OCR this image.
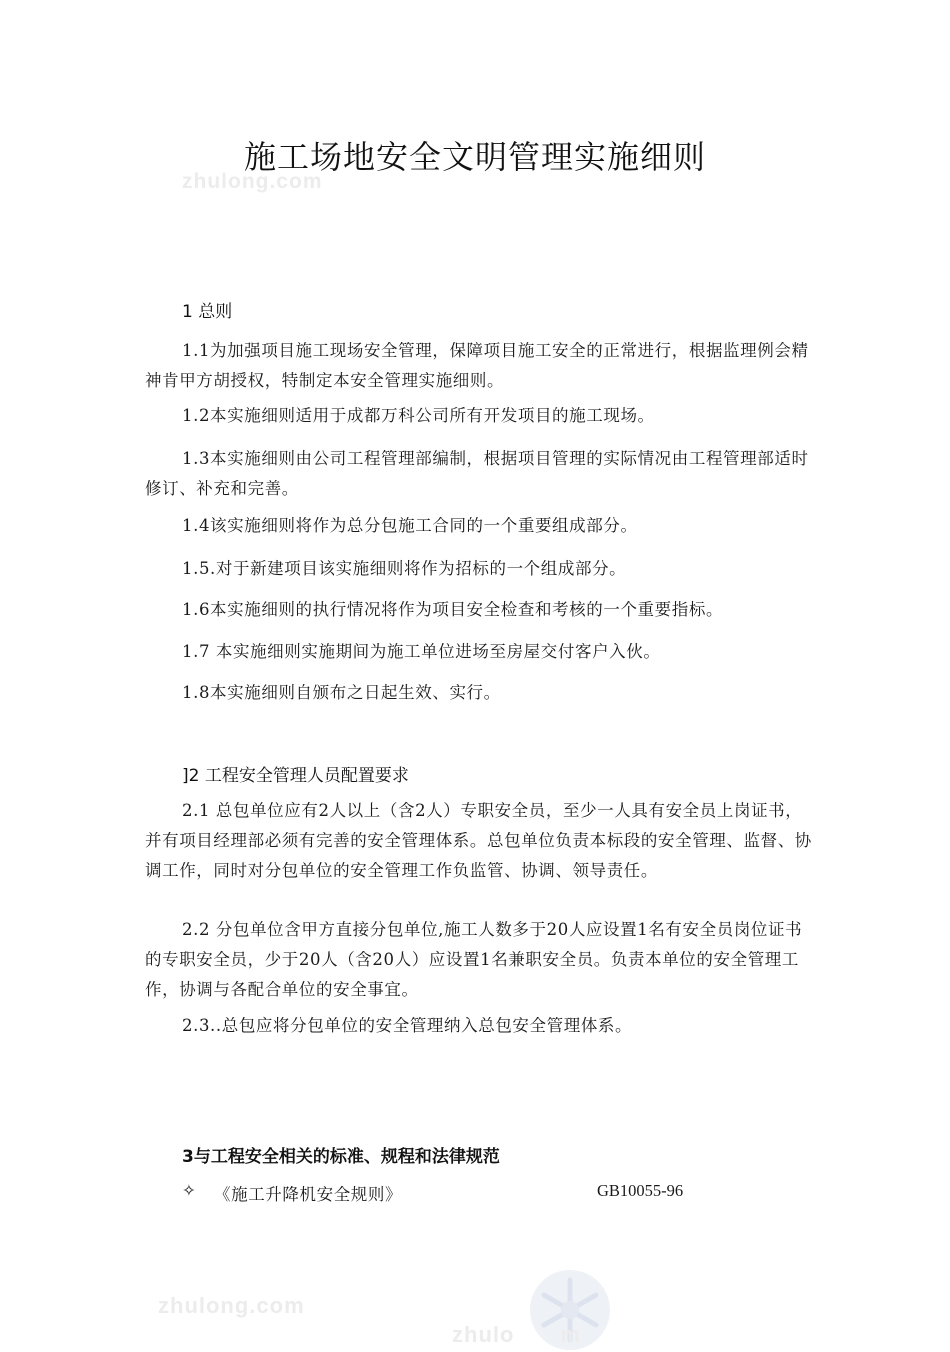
zhulong.com
施工场地安全文明管理实施细则
1 总则

1.1为加强项目施工现场安全管理，保障项目施工安全的正常进行，根据监理例会精神肯甲方胡授权，特制定本安全管理实施细则。

1.2本实施细则适用于成都万科公司所有开发项目的施工现场。

1.3本实施细则由公司工程管理部编制，根据项目管理的实际情况由工程管理部适时修订、补充和完善。

1.4该实施细则将作为总分包施工合同的一个重要组成部分。

1.5.对于新建项目该实施细则将作为招标的一个组成部分。

1.6本实施细则的执行情况将作为项目安全检查和考核的一个重要指标。

1.7 本实施细则实施期间为施工单位进场至房屋交付客户入伙。

1.8本实施细则自颁布之日起生效、实行。

]2 工程安全管理人员配置要求

2.1 总包单位应有2人以上（含2人）专职安全员，至少一人具有安全员上岗证书，并有项目经理部必须有完善的安全管理体系。总包单位负责本标段的安全管理、监督、协调工作，同时对分包单位的安全管理工作负监管、协调、领导责任。

2.2 分包单位含甲方直接分包单位,施工人数多于20人应设置1名有安全员岗位证书的专职安全员，少于20人（含20人）应设置1名兼职安全员。负责本单位的安全管理工作，协调与各配合单位的安全事宜。

2.3..总包应将分包单位的安全管理纳入总包安全管理体系。

3与工程安全相关的标准、规程和法律规范
✧ 《施工升降机安全规则》	GB10055-96
zhulong.com
zhulo　　m
